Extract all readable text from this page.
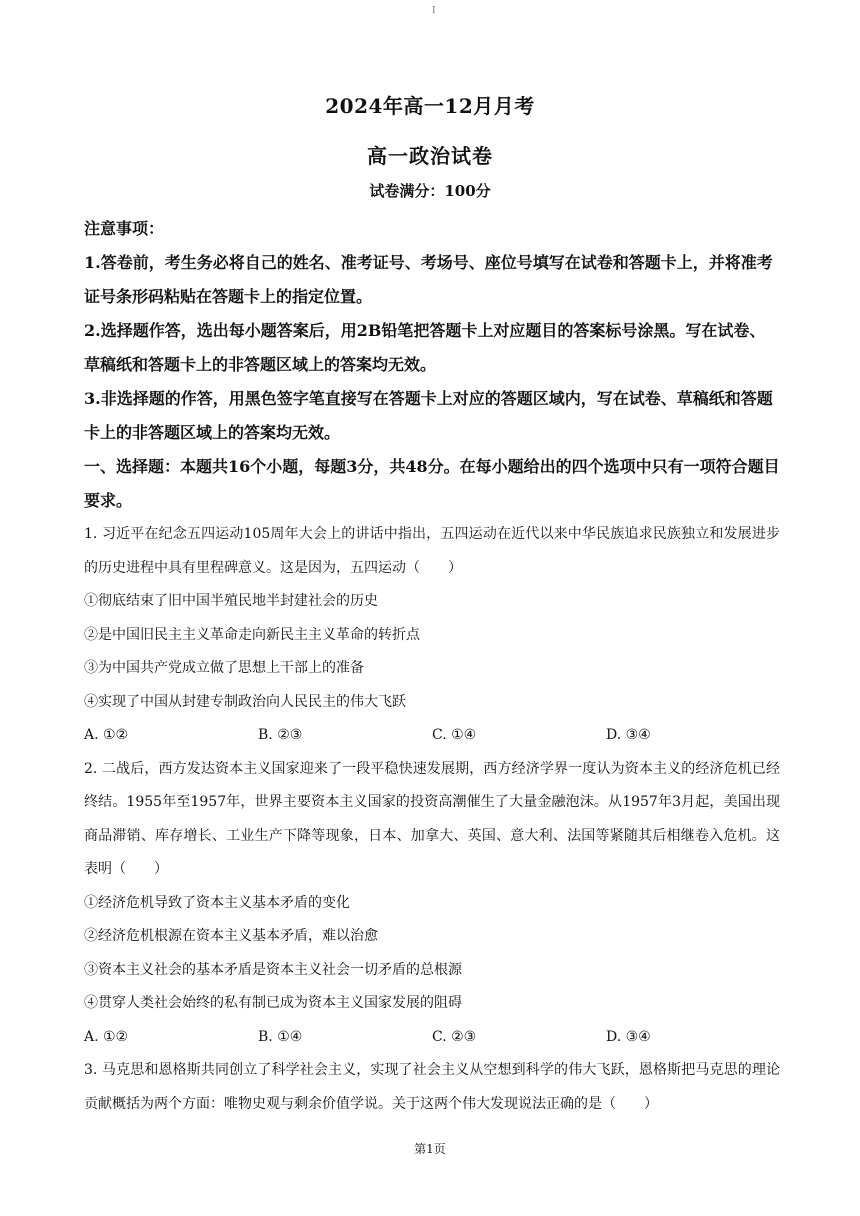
I
2024年高一12月月考
高一政治试卷
试卷满分：100分

注意事项：

1.答卷前，考生务必将自己的姓名、准考证号、考场号、座位号填写在试卷和答题卡上，并将准考证号条形码粘贴在答题卡上的指定位置。

2.选择题作答，选出每小题答案后，用2B铅笔把答题卡上对应题目的答案标号涂黑。写在试卷、草稿纸和答题卡上的非答题区域上的答案均无效。

3.非选择题的作答，用黑色签字笔直接写在答题卡上对应的答题区域内，写在试卷、草稿纸和答题卡上的非答题区域上的答案均无效。

一、选择题：本题共16个小题，每题3分，共48分。在每小题给出的四个选项中只有一项符合题目要求。

1. 习近平在纪念五四运动105周年大会上的讲话中指出，五四运动在近代以来中华民族追求民族独立和发展进步的历史进程中具有里程碑意义。这是因为，五四运动（　　）

①彻底结束了旧中国半殖民地半封建社会的历史

②是中国旧民主主义革命走向新民主主义革命的转折点

③为中国共产党成立做了思想上干部上的准备

④实现了中国从封建专制政治向人民民主的伟大飞跃

A. ①②	B. ②③	C. ①④	D. ③④

2. 二战后，西方发达资本主义国家迎来了一段平稳快速发展期，西方经济学界一度认为资本主义的经济危机已经终结。1955年至1957年，世界主要资本主义国家的投资高潮催生了大量金融泡沫。从1957年3月起，美国出现商品滞销、库存增长、工业生产下降等现象，日本、加拿大、英国、意大利、法国等紧随其后相继卷入危机。这表明（　　）

①经济危机导致了资本主义基本矛盾的变化

②经济危机根源在资本主义基本矛盾，难以治愈

③资本主义社会的基本矛盾是资本主义社会一切矛盾的总根源

④贯穿人类社会始终的私有制已成为资本主义国家发展的阻碍

A. ①②	B. ①④	C. ②③	D. ③④

3. 马克思和恩格斯共同创立了科学社会主义，实现了社会主义从空想到科学的伟大飞跃，恩格斯把马克思的理论贡献概括为两个方面：唯物史观与剩余价值学说。关于这两个伟大发现说法正确的是（　　）

第1页
